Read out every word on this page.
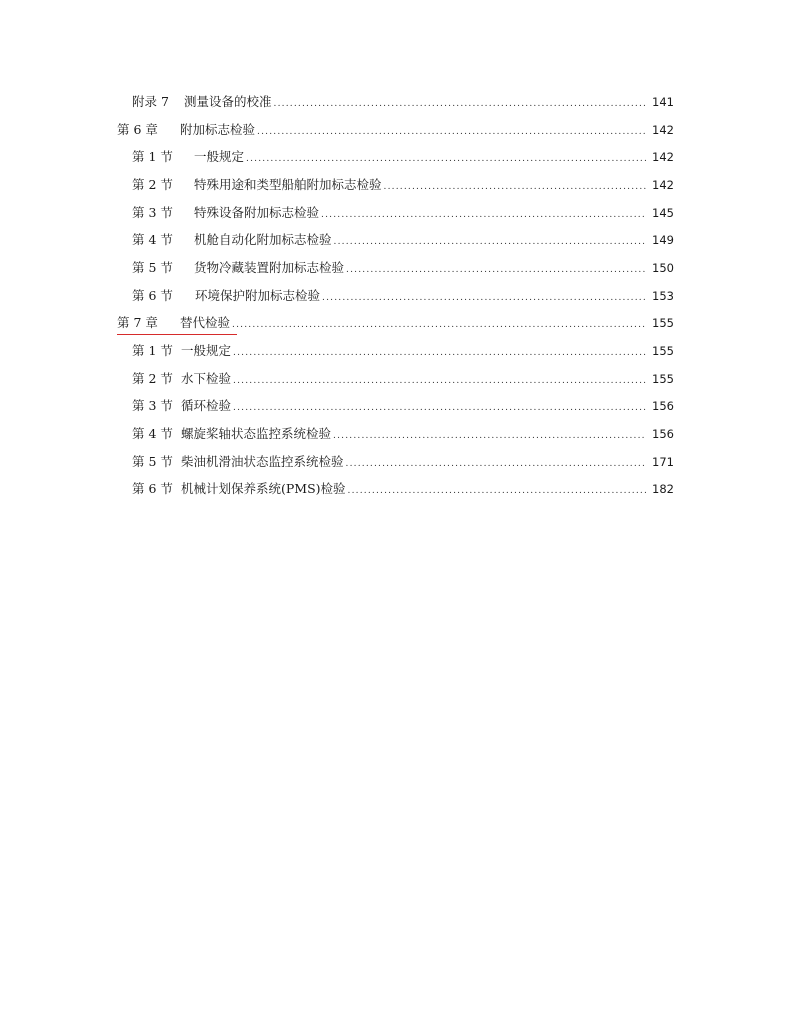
附录 7	测量设备的校准 .....	141
第 6 章	附加标志检验 .....	142
第 1 节	一般规定 .....	142
第 2 节	特殊用途和类型船舶附加标志检验 .....	142
第 3 节	特殊设备附加标志检验 .....	145
第 4 节	机舱自动化附加标志检验 .....	149
第 5 节	货物冷藏装置附加标志检验 .....	150
第 6 节	环境保护附加标志检验 .....	153
第 7 章	替代检验 .....	155
第 1 节 一般规定 .....	155
第 2 节 水下检验 .....	155
第 3 节 循环检验 .....	156
第 4 节 螺旋桨轴状态监控系统检验 .....	156
第 5 节 柴油机滑油状态监控系统检验 .....	171
第 6 节 机械计划保养系统(PMS)检验 .....	182
